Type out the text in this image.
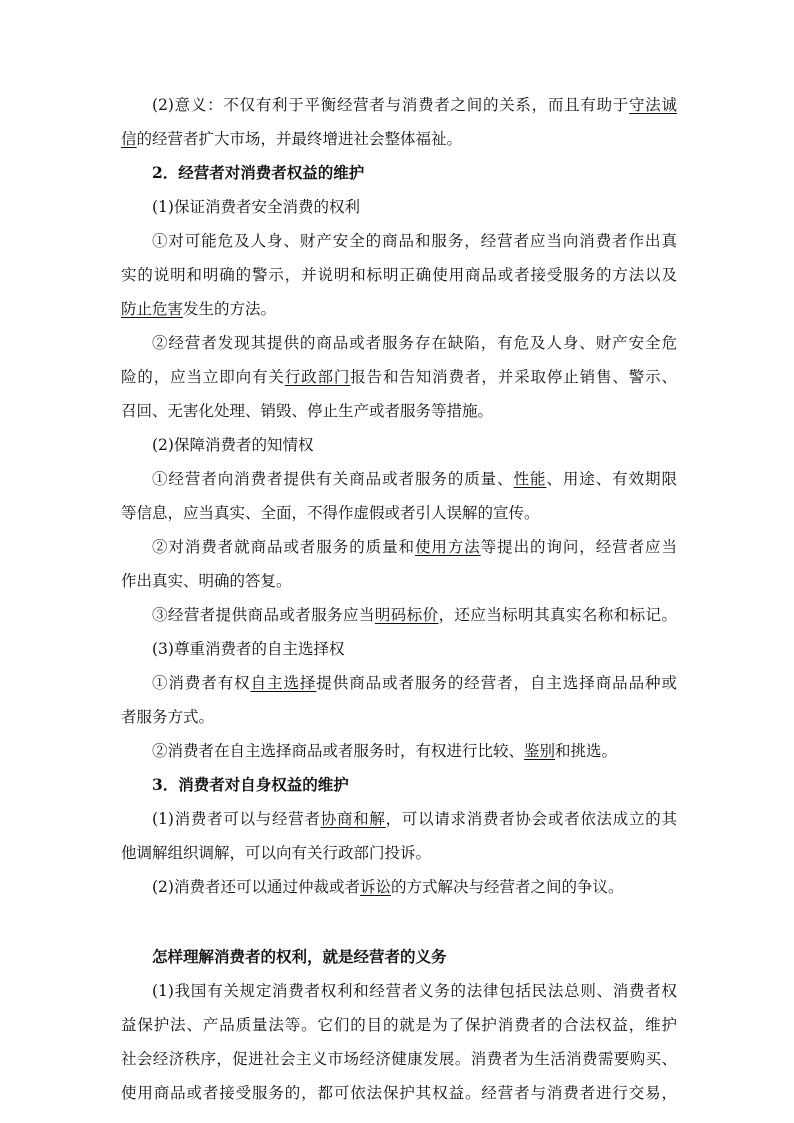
(2)意义：不仅有利于平衡经营者与消费者之间的关系，而且有助于守法诚
信的经营者扩大市场，并最终增进社会整体福祉。
2．经营者对消费者权益的维护
(1)保证消费者安全消费的权利
①对可能危及人身、财产安全的商品和服务，经营者应当向消费者作出真
实的说明和明确的警示，并说明和标明正确使用商品或者接受服务的方法以及
防止危害发生的方法。
②经营者发现其提供的商品或者服务存在缺陷，有危及人身、财产安全危
险的，应当立即向有关行政部门报告和告知消费者，并采取停止销售、警示、
召回、无害化处理、销毁、停止生产或者服务等措施。
(2)保障消费者的知情权
①经营者向消费者提供有关商品或者服务的质量、性能、用途、有效期限
等信息，应当真实、全面，不得作虚假或者引人误解的宣传。
②对消费者就商品或者服务的质量和使用方法等提出的询问，经营者应当
作出真实、明确的答复。
③经营者提供商品或者服务应当明码标价，还应当标明其真实名称和标记。
(3)尊重消费者的自主选择权
①消费者有权自主选择提供商品或者服务的经营者，自主选择商品品种或
者服务方式。
②消费者在自主选择商品或者服务时，有权进行比较、鉴别和挑选。
3．消费者对自身权益的维护
(1)消费者可以与经营者协商和解，可以请求消费者协会或者依法成立的其
他调解组织调解，可以向有关行政部门投诉。
(2)消费者还可以通过仲裁或者诉讼的方式解决与经营者之间的争议。
怎样理解消费者的权利，就是经营者的义务
(1)我国有关规定消费者权利和经营者义务的法律包括民法总则、消费者权
益保护法、产品质量法等。它们的目的就是为了保护消费者的合法权益，维护
社会经济秩序，促进社会主义市场经济健康发展。消费者为生活消费需要购买、
使用商品或者接受服务的，都可依法保护其权益。经营者与消费者进行交易，
